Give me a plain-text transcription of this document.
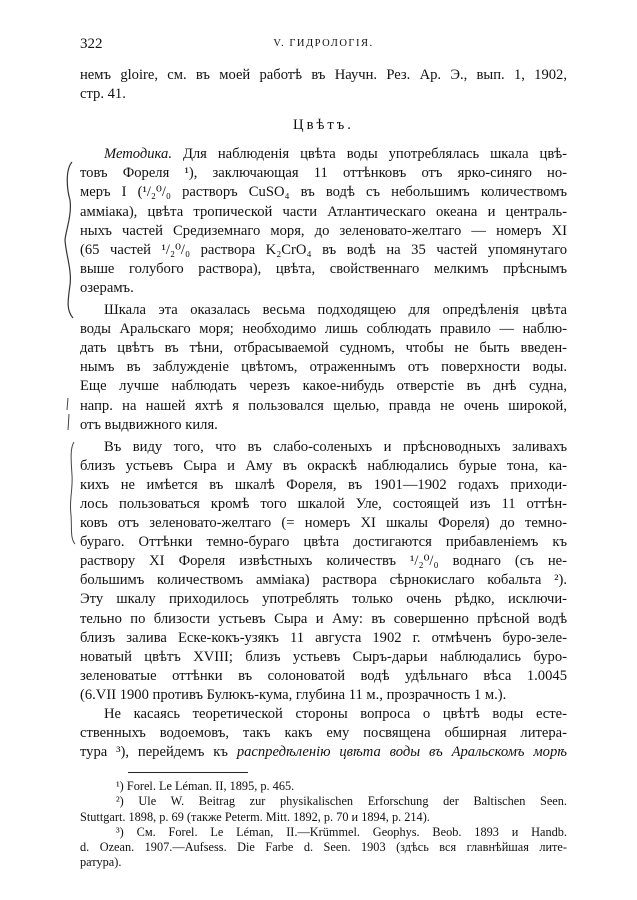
322	V. ГИДРОЛОГІЯ.
немъ gloire, см. въ моей работѣ въ Научн. Рез. Ар. Э., вып. 1, 1902,
стр. 41.

Цвѣтъ.

Методика. Для наблюденія цвѣта воды употреблялась шкала цвѣ-
товъ Фореля ¹), заключающая 11 оттѣнковъ отъ ярко-синяго но-
меръ I (¹/₂⁰/₀ растворъ CuSO₄ въ водѣ съ небольшимъ количествомъ
амміака), цвѣта тропической части Атлантическаго океана и централь-
ныхъ частей Средиземнаго моря, до зеленовато-желтаго — номеръ XI
(65 частей ¹/₂⁰/₀ раствора K₂CrO₄ въ водѣ на 35 частей упомянутаго
выше голубого раствора), цвѣта, свойственнаго мелкимъ прѣснымъ
озерамъ.
Шкала эта оказалась весьма подходящею для опредѣленія цвѣта
воды Аральскаго моря; необходимо лишь соблюдать правило — наблю-
дать цвѣтъ въ тѣни, отбрасываемой судномъ, чтобы не быть введен-
нымъ въ заблужденіе цвѣтомъ, отраженнымъ отъ поверхности воды.
Еще лучше наблюдать черезъ какое-нибудь отверстіе въ днѣ судна,
напр. на нашей яхтѣ я пользовался щелью, правда не очень широкой,
отъ выдвижного киля.
Въ виду того, что въ слабо-соленыхъ и прѣсноводныхъ заливахъ
близъ устьевъ Сыра и Аму въ окраскѣ наблюдались бурые тона, ка-
кихъ не имѣется въ шкалѣ Фореля, въ 1901—1902 годахъ приходи-
лось пользоваться кромѣ того шкалой Уле, состоящей изъ 11 оттѣн-
ковъ отъ зеленовато-желтаго (= номеръ XI шкалы Фореля) до темно-
бураго. Оттѣнки темно-бураго цвѣта достигаются прибавленіемъ къ
раствору XI Фореля извѣстныхъ количествъ ¹/₂⁰/₀ воднаго (съ не-
большимъ количествомъ амміака) раствора сѣрнокислаго кобальта ²).
Эту шкалу приходилось употреблять только очень рѣдко, исключи-
тельно по близости устьевъ Сыра и Аму: въ совершенно прѣсной водѣ
близъ залива Еске-кокъ-узякъ 11 августа 1902 г. отмѣченъ буро-зеле-
новатый цвѣтъ XVIII; близъ устьевъ Сыръ-дарьи наблюдались буро-
зеленоватые оттѣнки въ солоноватой водѣ удѣльнаго вѣса 1.0045
(6.VII 1900 противъ Булюкъ-кума, глубина 11 м., прозрачность 1 м.).
Не касаясь теоретической стороны вопроса о цвѣтѣ воды есте-
ственныхъ водоемовъ, такъ какъ ему посвящена обширная литера-
тура ³), перейдемъ къ распредѣленію цвѣта воды въ Аральскомъ морѣ
¹) Forel. Le Léman. II, 1895, p. 465.
²) Ule W. Beitrag zur physikalischen Erforschung der Baltischen Seen.
Stuttgart. 1898, p. 69 (также Peterm. Mitt. 1892, p. 70 и 1894, p. 214).
³) См. Forel. Le Léman, II.—Krümmel. Geophys. Beob. 1893 и Handb.
d. Ozean. 1907.—Aufsess. Die Farbe d. Seen. 1903 (здѣсь вся главнѣйшая лите-
ратура).
